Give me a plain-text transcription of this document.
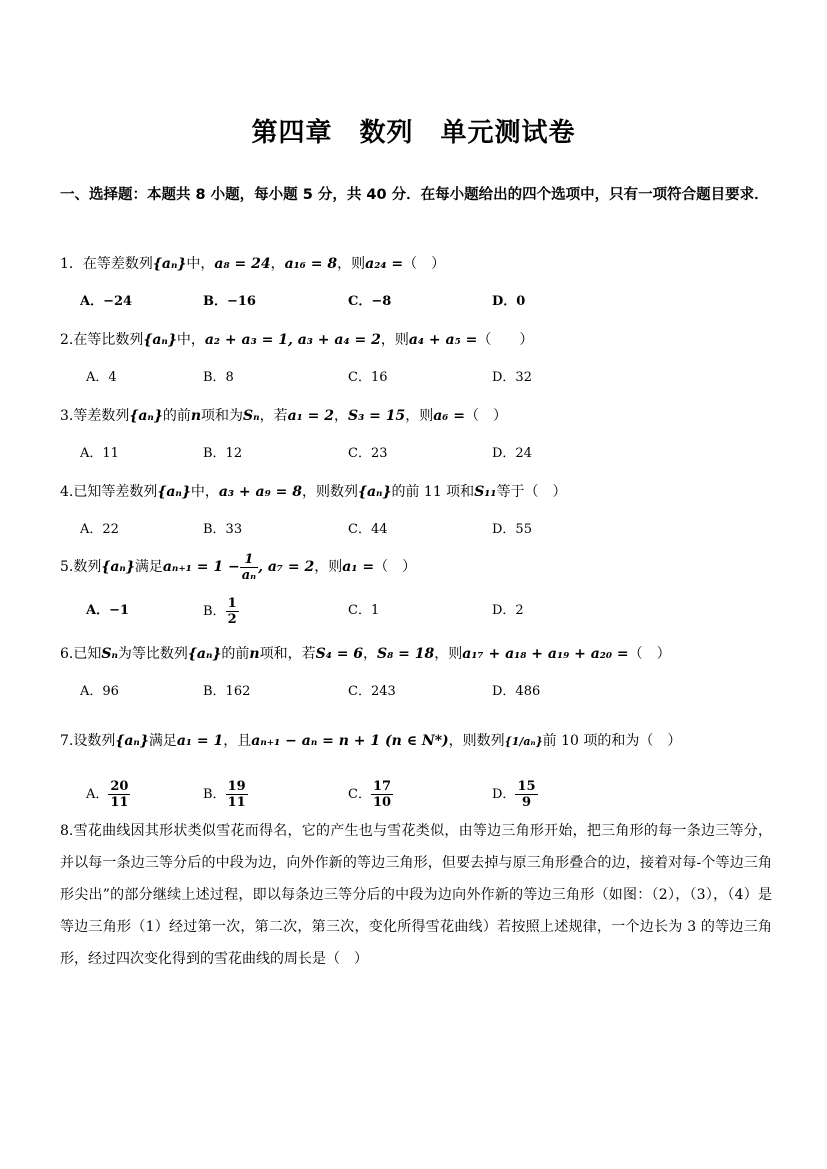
第四章　数列　单元测试卷
一、选择题：本题共 8 小题，每小题 5 分，共 40 分．在每小题给出的四个选项中，只有一项符合题目要求．
1．在等差数列{aₙ}中，a₈ = 24，a₁₆ = 8，则a₂₄ =（　）
A．−24	B．−16	C．−8	D．0
2.在等比数列{aₙ}中，a₂ + a₃ = 1, a₃ + a₄ = 2，则a₄ + a₅ =（　　）
A．4	B．8	C．16	D．32
3.等差数列{aₙ}的前n项和为Sₙ，若a₁ = 2，S₃ = 15，则a₆ =（　）
A．11	B．12	C．23	D．24
4.已知等差数列{aₙ}中，a₃ + a₉ = 8，则数列{aₙ}的前 11 项和S₁₁等于（　）
A．22	B．33	C．44	D．55
5.数列{aₙ}满足$a_{n+1} = 1 - \frac{1}{\text{aₙ}}$ , a₇ = 2，则a₁ =（　）
A．−1	B． $\frac{1}{2}$	C．1	D．2
6.已知Sₙ为等比数列{aₙ}的前n项和，若S₄ = 6，S₈ = 18，则a₁₇ + a₁₈ + a₁₉ + a₂₀ =（　）
A．96	B．162	C．243	D．486
7.设数列{aₙ}满足a₁ = 1，且aₙ₊₁ − aₙ = n + 1 (n ∈ N*)，则数列{1/aₙ}前 10 项的和为（　）
A． $\frac{20}{11}$	B． $\frac{19}{11}$	C． $\frac{17}{10}$	D． $\frac{15}{9}$
8.雪花曲线因其形状类似雪花而得名，它的产生也与雪花类似，由等边三角形开始，把三角形的每一条边三等分，并以每一条边三等分后的中段为边，向外作新的等边三角形，但要去掉与原三角形叠合的边，接着对每-个等边三角形尖出”的部分继续上述过程，即以每条边三等分后的中段为边向外作新的等边三角形（如图：（2），（3），（4）是等边三角形（1）经过第一次，第二次，第三次，变化所得雪花曲线）若按照上述规律，一个边长为 3 的等边三角形，经过四次变化得到的雪花曲线的周长是（　）
